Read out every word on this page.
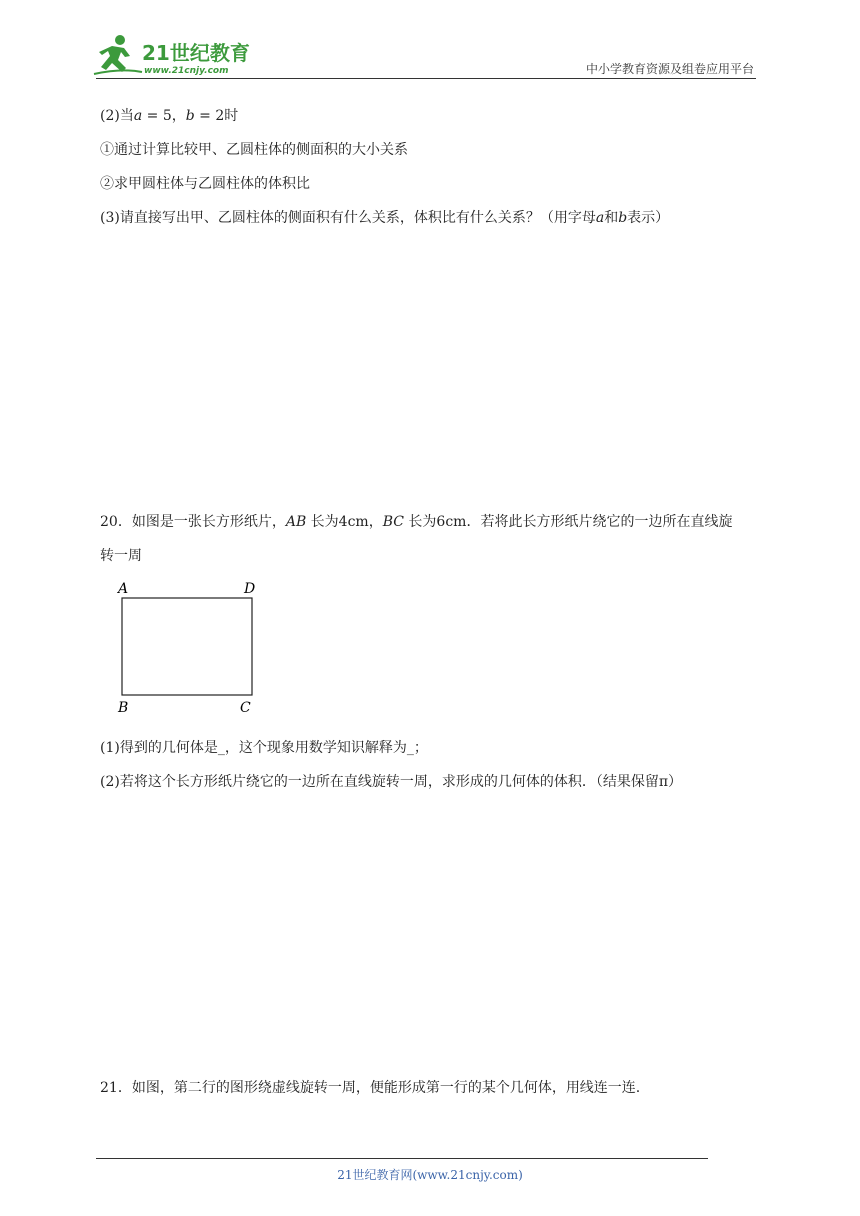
21世纪教育
www.21cnjy.com	中小学教育资源及组卷应用平台
(2)当a = 5，b = 2时
①通过计算比较甲、乙圆柱体的侧面积的大小关系
②求甲圆柱体与乙圆柱体的体积比
(3)请直接写出甲、乙圆柱体的侧面积有什么关系，体积比有什么关系？（用字母a和b表示）
20．如图是一张长方形纸片，AB 长为4cm，BC 长为6cm．若将此长方形纸片绕它的一边所在直线旋
转一周
A	D
B	C
(1)得到的几何体是_，这个现象用数学知识解释为_；
(2)若将这个长方形纸片绕它的一边所在直线旋转一周，求形成的几何体的体积．（结果保留π）
21．如图，第二行的图形绕虚线旋转一周，便能形成第一行的某个几何体，用线连一连.
21世纪教育网(www.21cnjy.com)
